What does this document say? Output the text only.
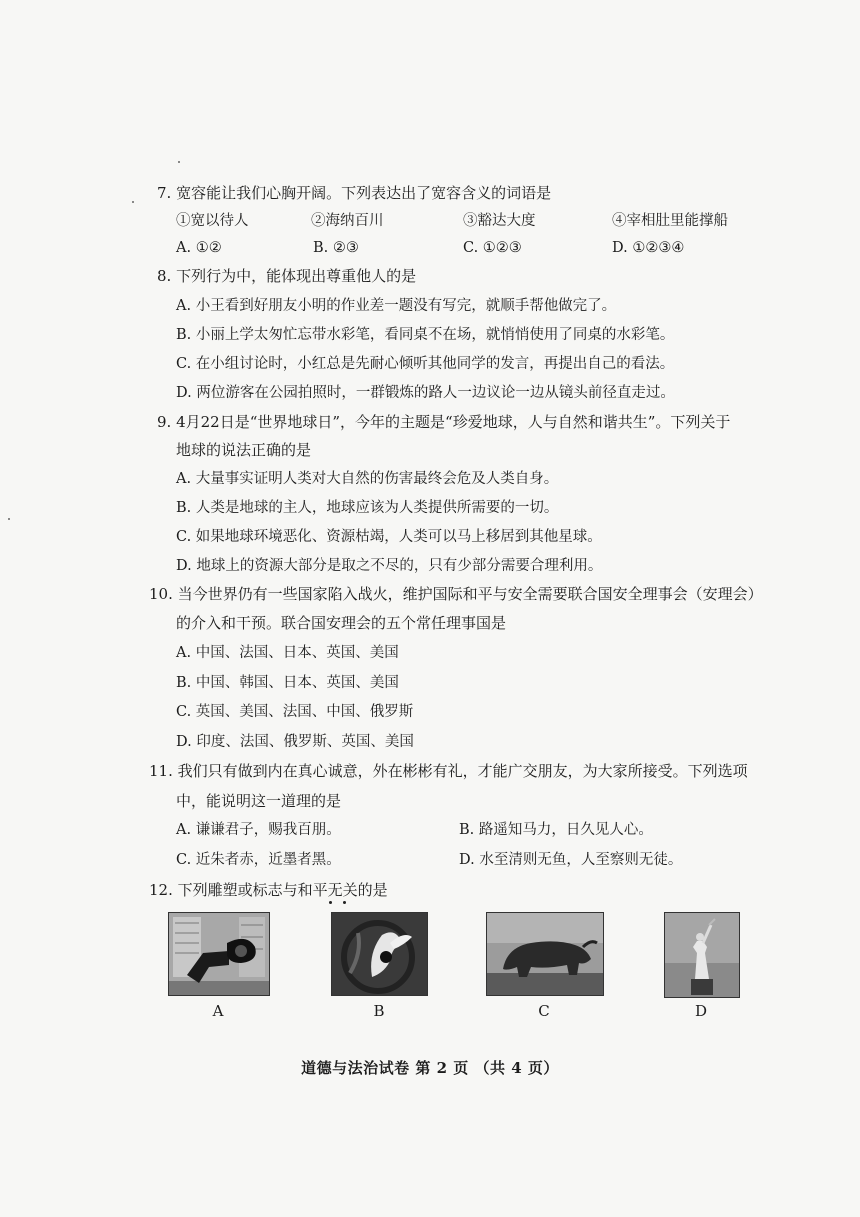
7. 宽容能让我们心胸开阔。下列表达出了宽容含义的词语是
①宽以待人	②海纳百川	③豁达大度	④宰相肚里能撑船
A. ①②	B. ②③	C. ①②③	D. ①②③④
8. 下列行为中，能体现出尊重他人的是
A. 小王看到好朋友小明的作业差一题没有写完，就顺手帮他做完了。
B. 小丽上学太匆忙忘带水彩笔，看同桌不在场，就悄悄使用了同桌的水彩笔。
C. 在小组讨论时，小红总是先耐心倾听其他同学的发言，再提出自己的看法。
D. 两位游客在公园拍照时，一群锻炼的路人一边议论一边从镜头前径直走过。
9. 4月22日是“世界地球日”，今年的主题是“珍爱地球，人与自然和谐共生”。下列关于
地球的说法正确的是
A. 大量事实证明人类对大自然的伤害最终会危及人类自身。
B. 人类是地球的主人，地球应该为人类提供所需要的一切。
C. 如果地球环境恶化、资源枯竭，人类可以马上移居到其他星球。
D. 地球上的资源大部分是取之不尽的，只有少部分需要合理利用。
10. 当今世界仍有一些国家陷入战火，维护国际和平与安全需要联合国安全理事会（安理会）
的介入和干预。联合国安理会的五个常任理事国是
A. 中国、法国、日本、英国、美国
B. 中国、韩国、日本、英国、美国
C. 英国、美国、法国、中国、俄罗斯
D. 印度、法国、俄罗斯、英国、美国
11. 我们只有做到内在真心诚意，外在彬彬有礼，才能广交朋友，为大家所接受。下列选项
中，能说明这一道理的是
A. 谦谦君子，赐我百朋。	B. 路遥知马力，日久见人心。
C. 近朱者赤，近墨者黑。	D. 水至清则无鱼，人至察则无徒。
12. 下列雕塑或标志与和平无关的是
A	B	C	D
道德与法治试卷 第 2 页 （共 4 页）
